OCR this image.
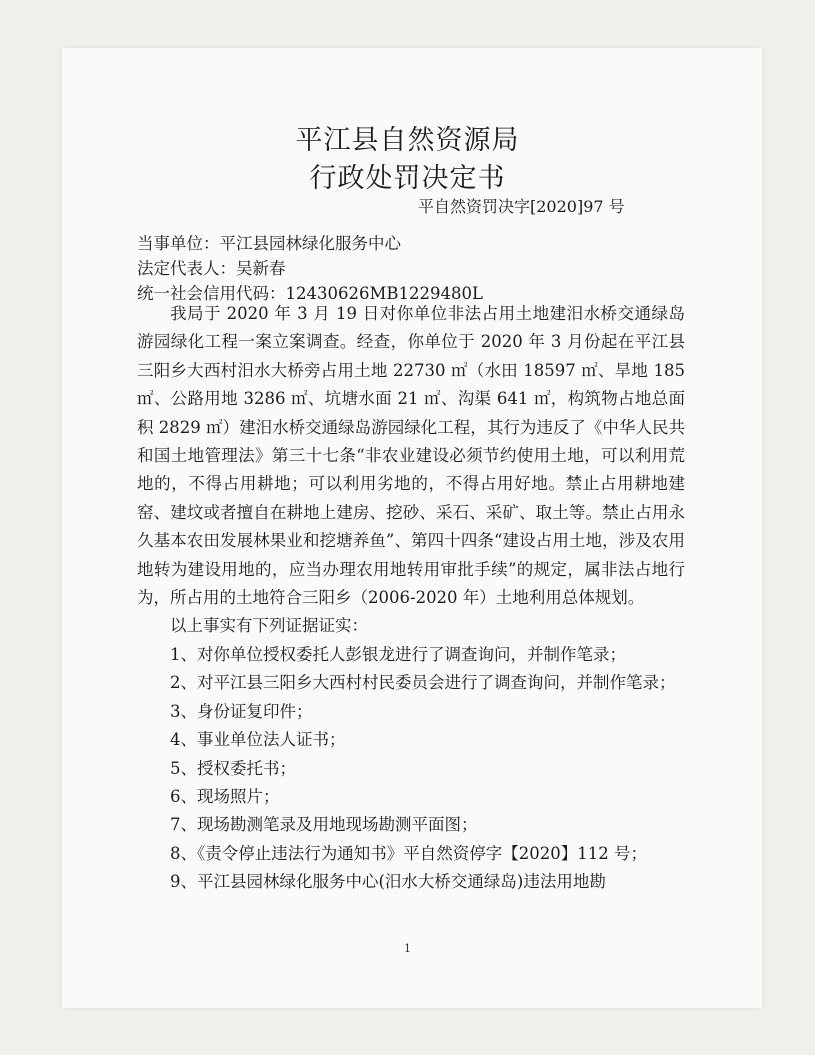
平江县自然资源局
行政处罚决定书
平自然资罚决字[2020]97 号
当事单位：平江县园林绿化服务中心
法定代表人：吴新春
统一社会信用代码：12430626MB1229480L

我局于 2020 年 3 月 19 日对你单位非法占用土地建汨水桥交通绿岛游园绿化工程一案立案调查。经查，你单位于 2020 年 3 月份起在平江县三阳乡大西村汨水大桥旁占用土地 22730 ㎡（水田 18597 ㎡、旱地 185 ㎡、公路用地 3286 ㎡、坑塘水面 21 ㎡、沟渠 641 ㎡，构筑物占地总面积 2829 ㎡）建汨水桥交通绿岛游园绿化工程，其行为违反了《中华人民共和国土地管理法》第三十七条“非农业建设必须节约使用土地，可以利用荒地的，不得占用耕地；可以利用劣地的，不得占用好地。禁止占用耕地建窑、建坟或者擅自在耕地上建房、挖砂、采石、采矿、取土等。禁止占用永久基本农田发展林果业和挖塘养鱼”、第四十四条“建设占用土地，涉及农用地转为建设用地的，应当办理农用地转用审批手续”的规定，属非法占地行为，所占用的土地符合三阳乡（2006-2020 年）土地利用总体规划。

以上事实有下列证据证实：

1、对你单位授权委托人彭银龙进行了调查询问，并制作笔录；

2、对平江县三阳乡大西村村民委员会进行了调查询问，并制作笔录；

3、身份证复印件；

4、事业单位法人证书；

5、授权委托书；

6、现场照片；

7、现场勘测笔录及用地现场勘测平面图；

8、《责令停止违法行为通知书》平自然资停字【2020】112 号；

9、平江县园林绿化服务中心(汨水大桥交通绿岛)违法用地勘

1
